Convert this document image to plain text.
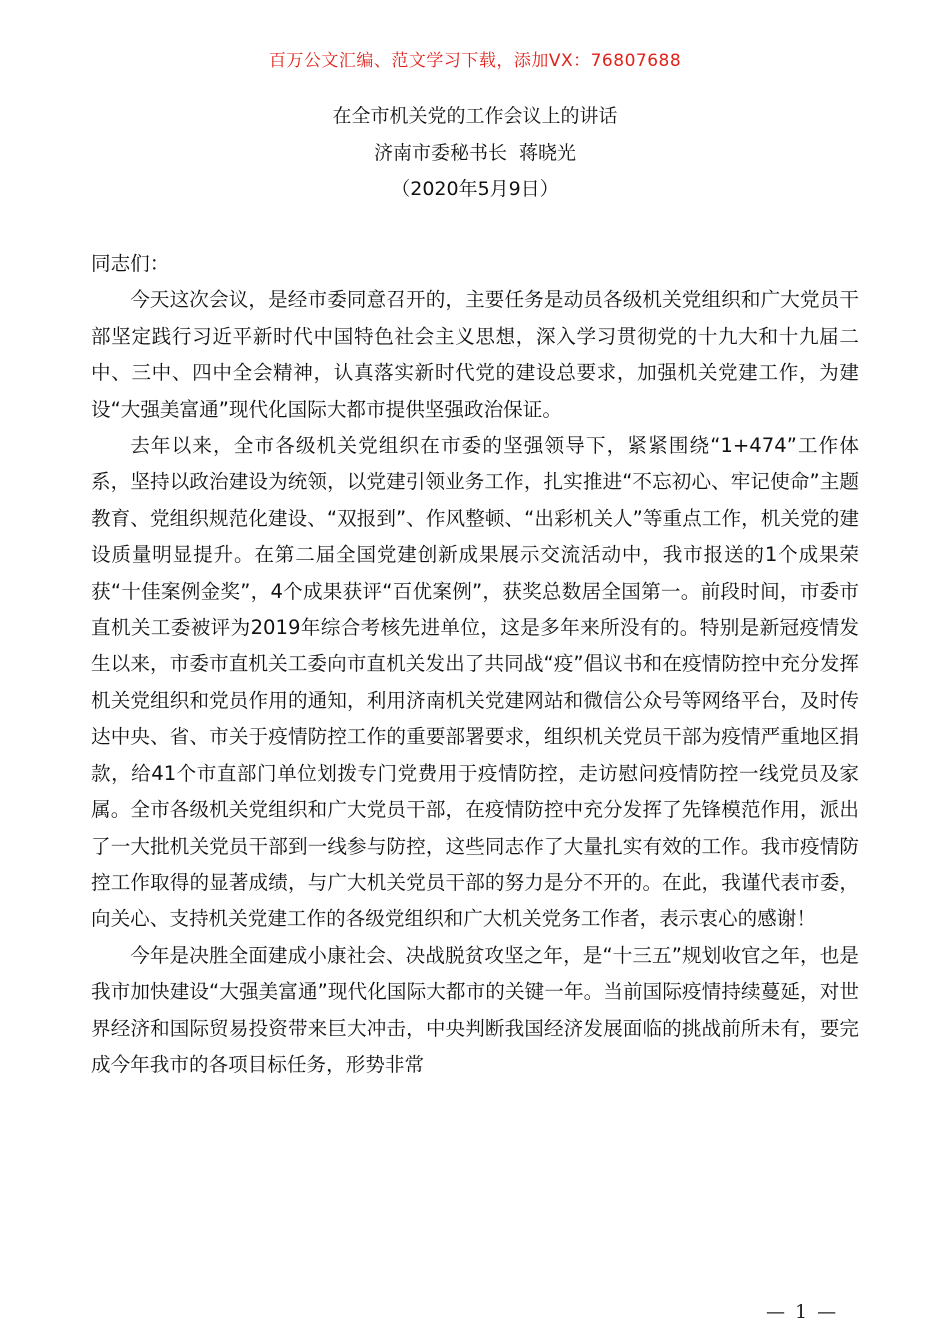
百万公文汇编、范文学习下载，添加VX：76807688
在全市机关党的工作会议上的讲话
济南市委秘书长  蒋晓光
（2020年5月9日）

同志们：

今天这次会议，是经市委同意召开的，主要任务是动员各级机关党组织和广大党员干部坚定践行习近平新时代中国特色社会主义思想，深入学习贯彻党的十九大和十九届二中、三中、四中全会精神，认真落实新时代党的建设总要求，加强机关党建工作，为建设“大强美富通”现代化国际大都市提供坚强政治保证。

去年以来，全市各级机关党组织在市委的坚强领导下，紧紧围绕“1+474”工作体系，坚持以政治建设为统领，以党建引领业务工作，扎实推进“不忘初心、牢记使命”主题教育、党组织规范化建设、“双报到”、作风整顿、“出彩机关人”等重点工作，机关党的建设质量明显提升。在第二届全国党建创新成果展示交流活动中，我市报送的1个成果荣获“十佳案例金奖”，4个成果获评“百优案例”，获奖总数居全国第一。前段时间，市委市直机关工委被评为2019年综合考核先进单位，这是多年来所没有的。特别是新冠疫情发生以来，市委市直机关工委向市直机关发出了共同战“疫”倡议书和在疫情防控中充分发挥机关党组织和党员作用的通知，利用济南机关党建网站和微信公众号等网络平台，及时传达中央、省、市关于疫情防控工作的重要部署要求，组织机关党员干部为疫情严重地区捐款，给41个市直部门单位划拨专门党费用于疫情防控，走访慰问疫情防控一线党员及家属。全市各级机关党组织和广大党员干部，在疫情防控中充分发挥了先锋模范作用，派出了一大批机关党员干部到一线参与防控，这些同志作了大量扎实有效的工作。我市疫情防控工作取得的显著成绩，与广大机关党员干部的努力是分不开的。在此，我谨代表市委，向关心、支持机关党建工作的各级党组织和广大机关党务工作者，表示衷心的感谢！

今年是决胜全面建成小康社会、决战脱贫攻坚之年，是“十三五”规划收官之年，也是我市加快建设“大强美富通”现代化国际大都市的关键一年。当前国际疫情持续蔓延，对世界经济和国际贸易投资带来巨大冲击，中央判断我国经济发展面临的挑战前所未有，要完成今年我市的各项目标任务，形势非常

— 1 —
